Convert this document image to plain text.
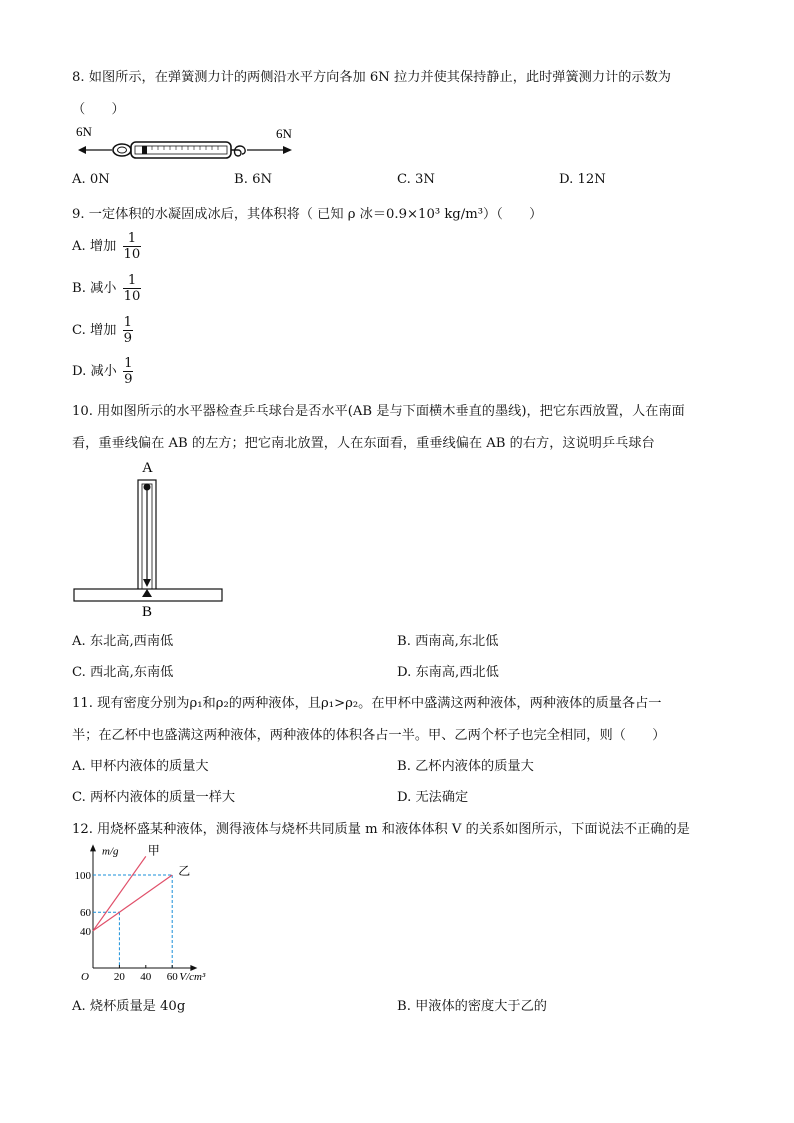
8. 如图所示，在弹簧测力计的两侧沿水平方向各加 6N 拉力并使其保持静止，此时弹簧测力计的示数为
（　　）
6N	6N
A. 0N	B. 6N	C. 3N	D. 12N
9. 一定体积的水凝固成冰后，其体积将（ 已知 ρ 冰＝0.9×10³ kg/m³）（　　）
A. 增加 $\frac{1}{10}$
B. 减小 $\frac{1}{10}$
C. 增加 $\frac{1}{9}$
D. 减小 $\frac{1}{9}$
10. 用如图所示的水平器检查乒乓球台是否水平(AB 是与下面横木垂直的墨线)，把它东西放置，人在南面
看，重垂线偏在 AB 的左方；把它南北放置，人在东面看，重垂线偏在 AB 的右方，这说明乒乓球台
A
B
A. 东北高,西南低	B. 西南高,东北低
C. 西北高,东南低	D. 东南高,西北低
11. 现有密度分别为ρ₁和ρ₂的两种液体，且ρ₁>ρ₂。在甲杯中盛满这两种液体，两种液体的质量各占一
半；在乙杯中也盛满这两种液体，两种液体的体积各占一半。甲、乙两个杯子也完全相同，则（　　）
A. 甲杯内液体的质量大	B. 乙杯内液体的质量大
C. 两杯内液体的质量一样大	D. 无法确定
12. 用烧杯盛某种液体，测得液体与烧杯共同质量 m 和液体体积 V 的关系如图所示，下面说法不正确的是
甲
乙
20 40 60
40
60
100
O	V/cm³
m/g
A. 烧杯质量是 40g	B. 甲液体的密度大于乙的
